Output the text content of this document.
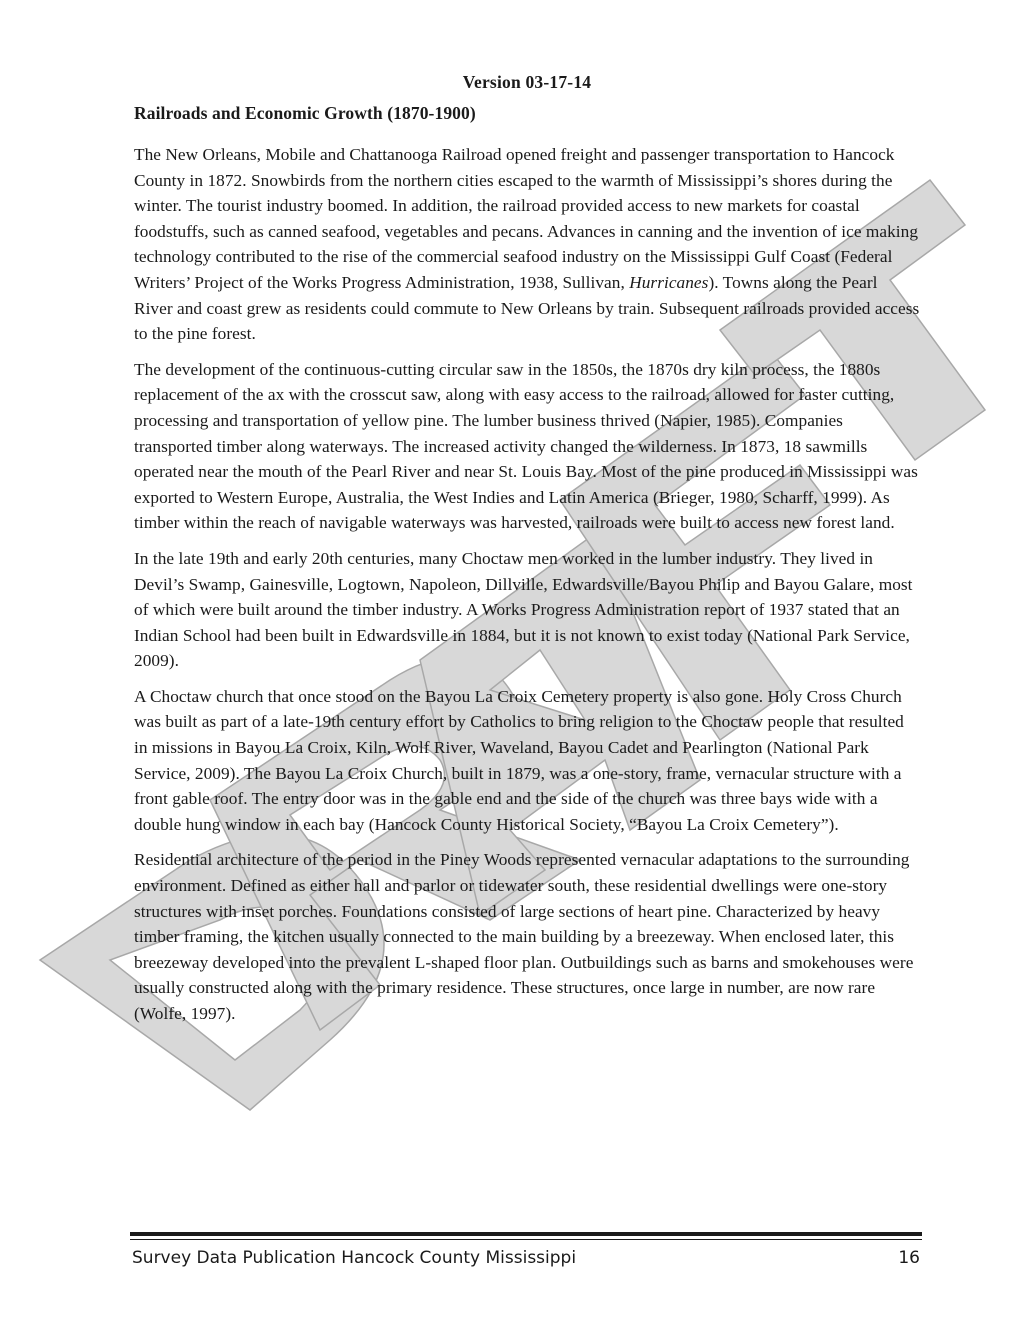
Version 03-17-14
Railroads and Economic Growth (1870-1900)

The New Orleans, Mobile and Chattanooga Railroad opened freight and passenger transportation to Hancock County in 1872. Snowbirds from the northern cities escaped to the warmth of Mississippi’s shores during the winter. The tourist industry boomed. In addition, the railroad provided access to new markets for coastal foodstuffs, such as canned seafood, vegetables and pecans. Advances in canning and the invention of ice making technology contributed to the rise of the commercial seafood industry on the Mississippi Gulf Coast (Federal Writers’ Project of the Works Progress Administration, 1938, Sullivan, Hurricanes). Towns along the Pearl River and coast grew as residents could commute to New Orleans by train. Subsequent railroads provided access to the pine forest.

The development of the continuous-cutting circular saw in the 1850s, the 1870s dry kiln process, the 1880s replacement of the ax with the crosscut saw, along with easy access to the railroad, allowed for faster cutting, processing and transportation of yellow pine. The lumber business thrived (Napier, 1985). Companies transported timber along waterways. The increased activity changed the wilderness. In 1873, 18 sawmills operated near the mouth of the Pearl River and near St. Louis Bay. Most of the pine produced in Mississippi was exported to Western Europe, Australia, the West Indies and Latin America (Brieger, 1980, Scharff, 1999). As timber within the reach of navigable waterways was harvested, railroads were built to access new forest land.

In the late 19th and early 20th centuries, many Choctaw men worked in the lumber industry. They lived in Devil’s Swamp, Gainesville, Logtown, Napoleon, Dillville, Edwardsville/Bayou Philip and Bayou Galare, most of which were built around the timber industry. A Works Progress Administration report of 1937 stated that an Indian School had been built in Edwardsville in 1884, but it is not known to exist today (National Park Service, 2009).

A Choctaw church that once stood on the Bayou La Croix Cemetery property is also gone. Holy Cross Church was built as part of a late-19th century effort by Catholics to bring religion to the Choctaw people that resulted in missions in Bayou La Croix, Kiln, Wolf River, Waveland, Bayou Cadet and Pearlington (National Park Service, 2009). The Bayou La Croix Church, built in 1879, was a one-story, frame, vernacular structure with a front gable roof. The entry door was in the gable end and the side of the church was three bays wide with a double hung window in each bay (Hancock County Historical Society, “Bayou La Croix Cemetery”).

Residential architecture of the period in the Piney Woods represented vernacular adaptations to the surrounding environment. Defined as either hall and parlor or tidewater south, these residential dwellings were one-story structures with inset porches. Foundations consisted of large sections of heart pine. Characterized by heavy timber framing, the kitchen usually connected to the main building by a breezeway. When enclosed later, this breezeway developed into the prevalent L-shaped floor plan. Outbuildings such as barns and smokehouses were usually constructed along with the primary residence. These structures, once large in number, are now rare (Wolfe, 1997).

Survey Data Publication Hancock County Mississippi	16
